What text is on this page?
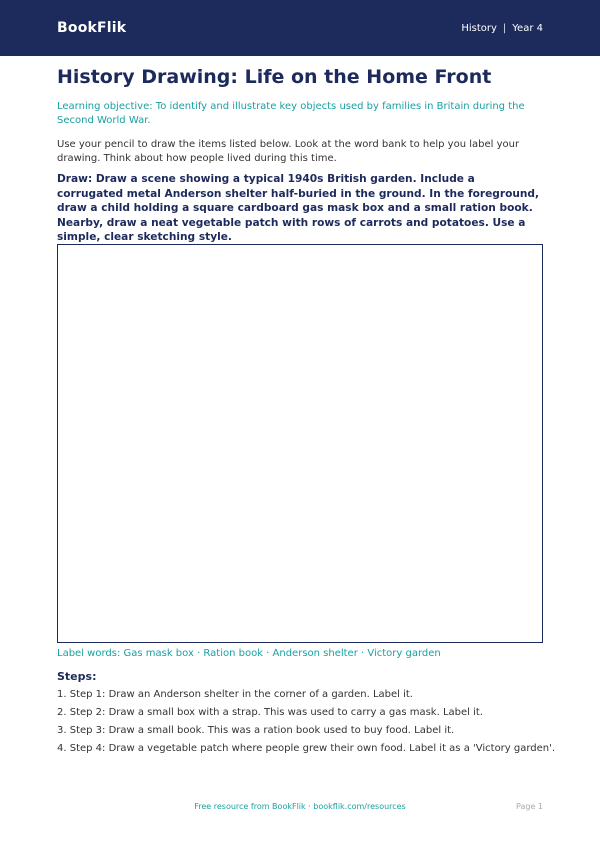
BookFlik	History | Year 4
History Drawing: Life on the Home Front
Learning objective: To identify and illustrate key objects used by families in Britain during the Second World War.
Use your pencil to draw the items listed below. Look at the word bank to help you label your drawing. Think about how people lived during this time.
Draw: Draw a scene showing a typical 1940s British garden. Include a corrugated metal Anderson shelter half-buried in the ground. In the foreground, draw a child holding a square cardboard gas mask box and a small ration book. Nearby, draw a neat vegetable patch with rows of carrots and potatoes. Use a simple, clear sketching style.
Label words: Gas mask box · Ration book · Anderson shelter · Victory garden
Steps:
1. Step 1: Draw an Anderson shelter in the corner of a garden. Label it.
2. Step 2: Draw a small box with a strap. This was used to carry a gas mask. Label it.
3. Step 3: Draw a small book. This was a ration book used to buy food. Label it.
4. Step 4: Draw a vegetable patch where people grew their own food. Label it as a 'Victory garden'.
Free resource from BookFlik · bookflik.com/resources	Page 1
